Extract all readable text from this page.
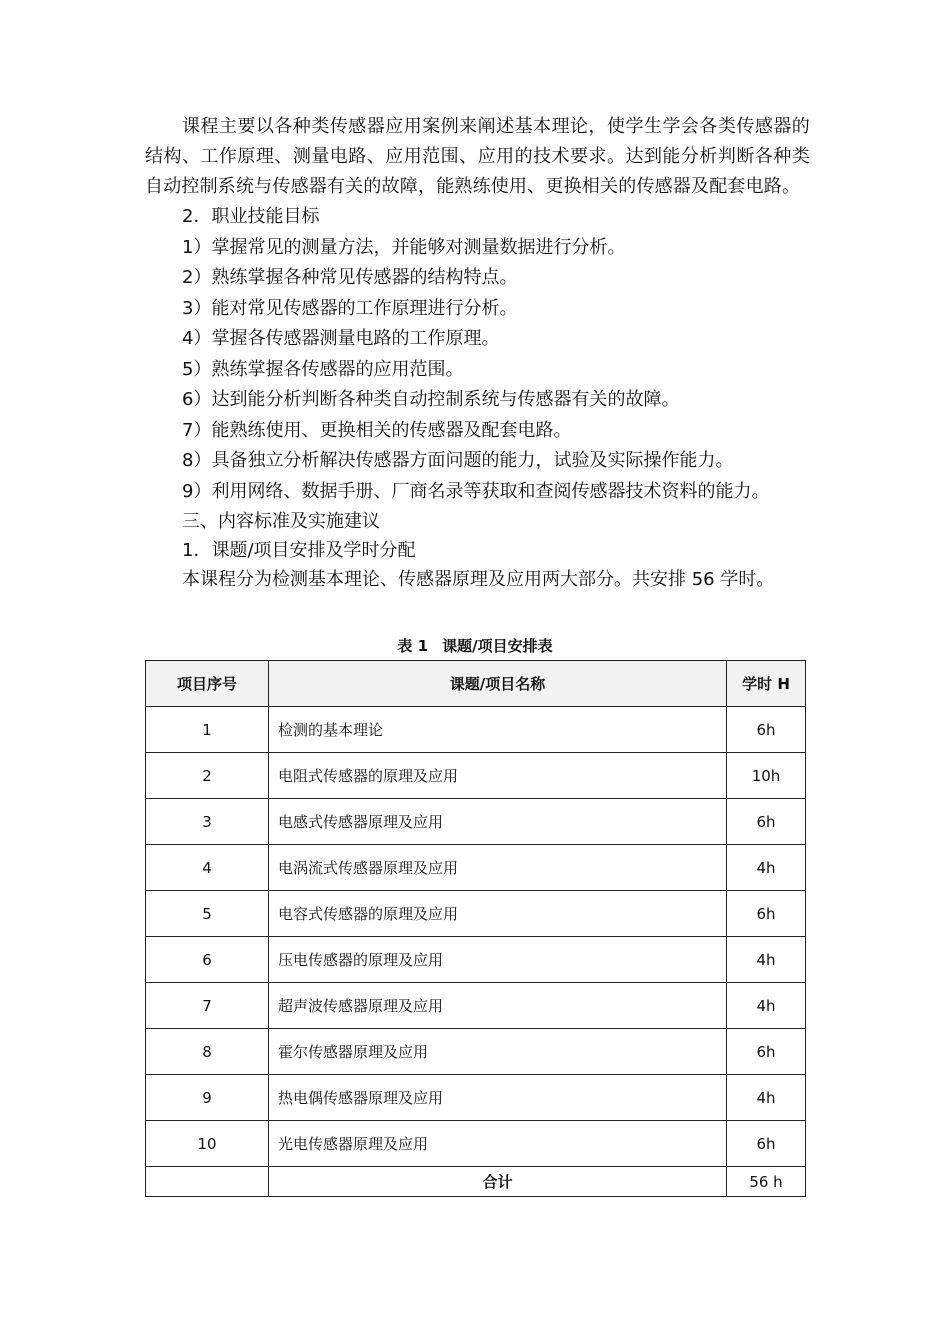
课程主要以各种类传感器应用案例来阐述基本理论，使学生学会各类传感器的结构、工作原理、测量电路、应用范围、应用的技术要求。达到能分析判断各种类自动控制系统与传感器有关的故障，能熟练使用、更换相关的传感器及配套电路。

2．职业技能目标

1）掌握常见的测量方法，并能够对测量数据进行分析。

2）熟练掌握各种常见传感器的结构特点。

3）能对常见传感器的工作原理进行分析。

4）掌握各传感器测量电路的工作原理。

5）熟练掌握各传感器的应用范围。

6）达到能分析判断各种类自动控制系统与传感器有关的故障。

7）能熟练使用、更换相关的传感器及配套电路。

8）具备独立分析解决传感器方面问题的能力，试验及实际操作能力。

9）利用网络、数据手册、厂商名录等获取和查阅传感器技术资料的能力。

三、内容标准及实施建议

1．课题/项目安排及学时分配

本课程分为检测基本理论、传感器原理及应用两大部分。共安排 56 学时。

表 1 课题/项目安排表
项目序号	课题/项目名称	学时 H
1	检测的基本理论	6h
2	电阻式传感器的原理及应用	10h
3	电感式传感器原理及应用	6h
4	电涡流式传感器原理及应用	4h
5	电容式传感器的原理及应用	6h
6	压电传感器的原理及应用	4h
7	超声波传感器原理及应用	4h
8	霍尔传感器原理及应用	6h
9	热电偶传感器原理及应用	4h
10	光电传感器原理及应用	6h
	合计	56 h
